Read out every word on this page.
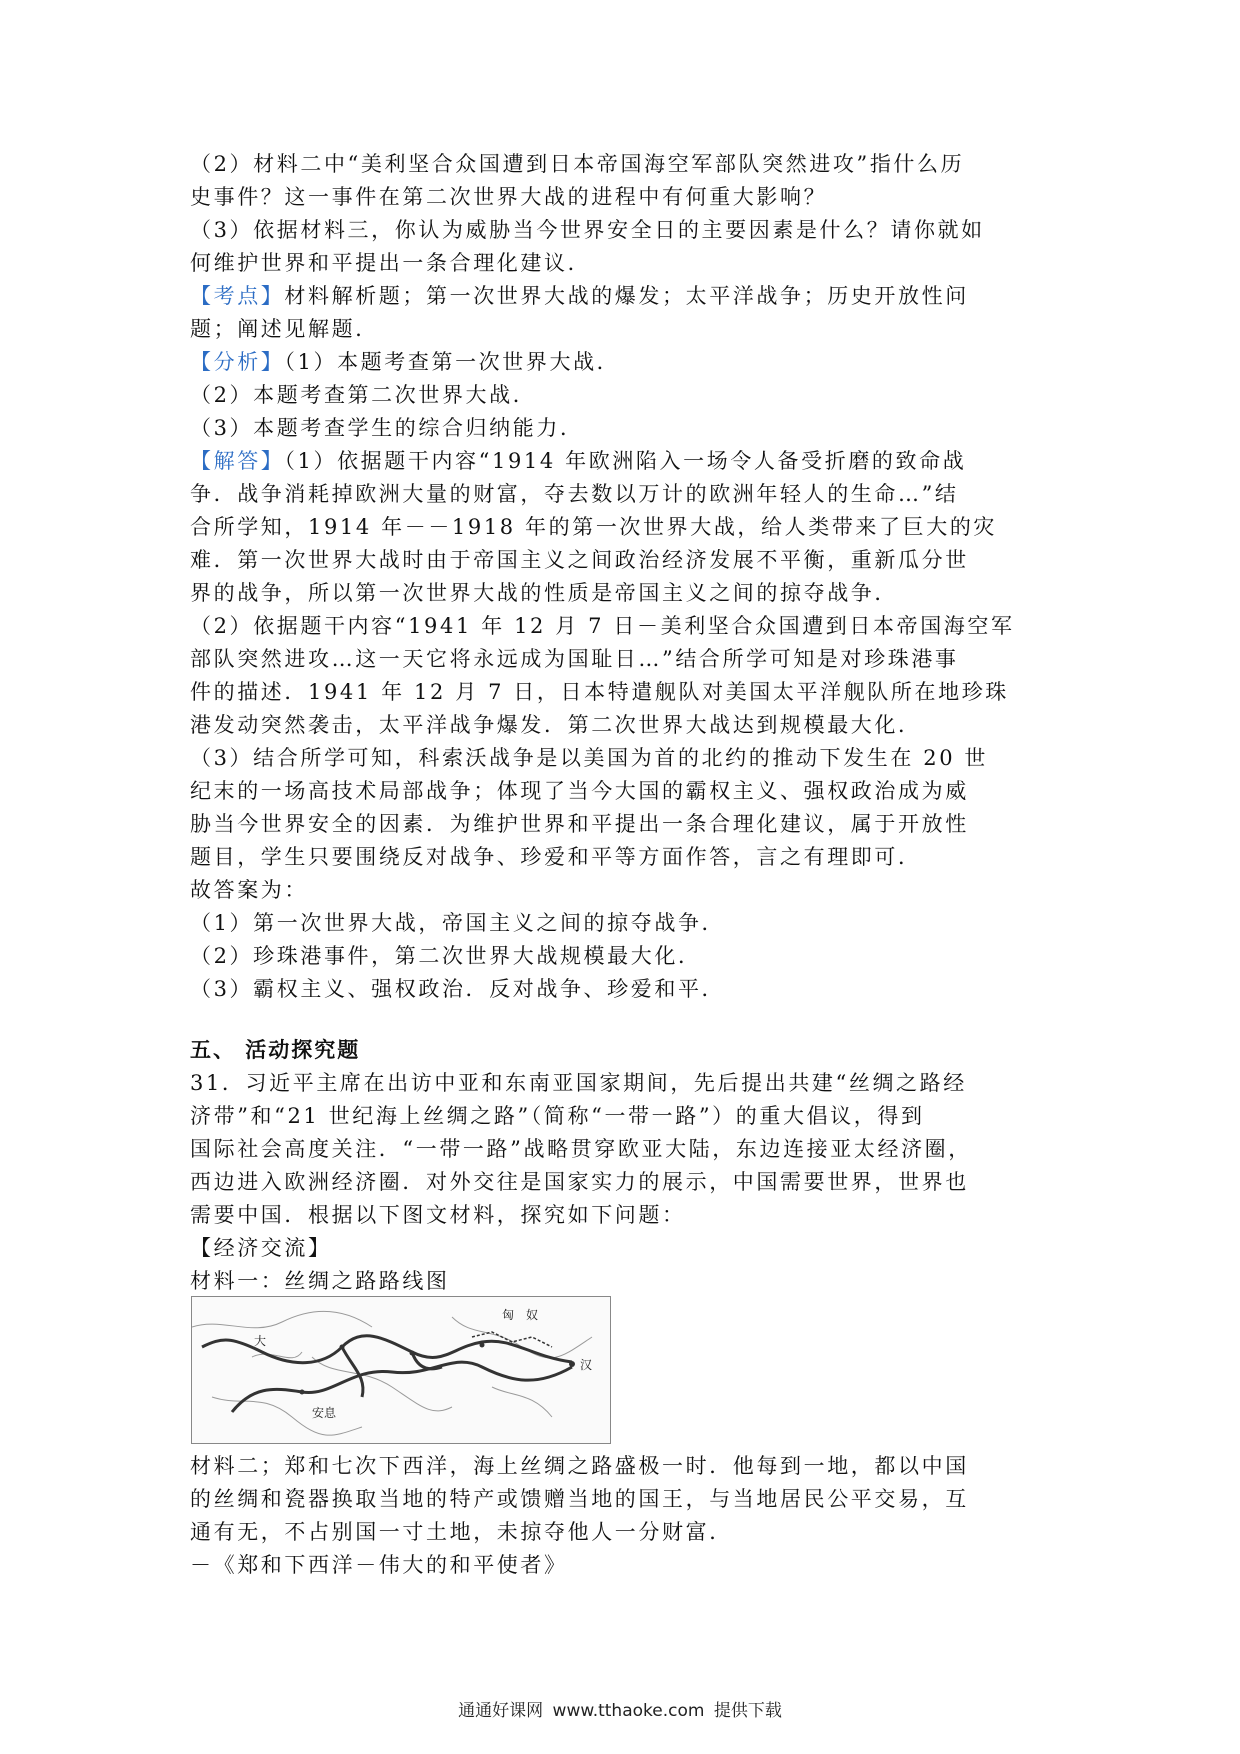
（2）材料二中“美利坚合众国遭到日本帝国海空军部队突然进攻”指什么历
史事件？这一事件在第二次世界大战的进程中有何重大影响？
（3）依据材料三，你认为威胁当今世界安全日的主要因素是什么？请你就如
何维护世界和平提出一条合理化建议．
【考点】材料解析题；第一次世界大战的爆发；太平洋战争；历史开放性问
题；阐述见解题．
【分析】（1）本题考查第一次世界大战．
（2）本题考查第二次世界大战．
（3）本题考查学生的综合归纳能力．
【解答】（1）依据题干内容“1914 年欧洲陷入一场令人备受折磨的致命战
争．战争消耗掉欧洲大量的财富，夺去数以万计的欧洲年轻人的生命…”结
合所学知，1914 年－－1918 年的第一次世界大战，给人类带来了巨大的灾
难．第一次世界大战时由于帝国主义之间政治经济发展不平衡，重新瓜分世
界的战争，所以第一次世界大战的性质是帝国主义之间的掠夺战争．
（2）依据题干内容“1941 年 12 月 7 日－美利坚合众国遭到日本帝国海空军
部队突然进攻…这一天它将永远成为国耻日…”结合所学可知是对珍珠港事
件的描述．1941 年 12 月 7 日，日本特遣舰队对美国太平洋舰队所在地珍珠
港发动突然袭击，太平洋战争爆发．第二次世界大战达到规模最大化．
（3）结合所学可知，科索沃战争是以美国为首的北约的推动下发生在 20 世
纪末的一场高技术局部战争；体现了当今大国的霸权主义、强权政治成为威
胁当今世界安全的因素．为维护世界和平提出一条合理化建议，属于开放性
题目，学生只要围绕反对战争、珍爱和平等方面作答，言之有理即可．
故答案为：
（1）第一次世界大战，帝国主义之间的掠夺战争．
（2）珍珠港事件，第二次世界大战规模最大化．
（3）霸权主义、强权政治．反对战争、珍爱和平．
五、 活动探究题
31．习近平主席在出访中亚和东南亚国家期间，先后提出共建“丝绸之路经
济带”和“21 世纪海上丝绸之路”（简称“一带一路”）的重大倡议，得到
国际社会高度关注．“一带一路”战略贯穿欧亚大陆，东边连接亚太经济圈，
西边进入欧洲经济圈．对外交往是国家实力的展示，中国需要世界，世界也
需要中国．根据以下图文材料，探究如下问题：
【经济交流】
材料一：丝绸之路路线图
匈　奴
大
安息
汉
材料二；郑和七次下西洋，海上丝绸之路盛极一时．他每到一地，都以中国
的丝绸和瓷器换取当地的特产或馈赠当地的国王，与当地居民公平交易，互
通有无，不占别国一寸土地，未掠夺他人一分财富．
－《郑和下西洋－伟大的和平使者》
通通好课网 www.tthaoke.com 提供下载
